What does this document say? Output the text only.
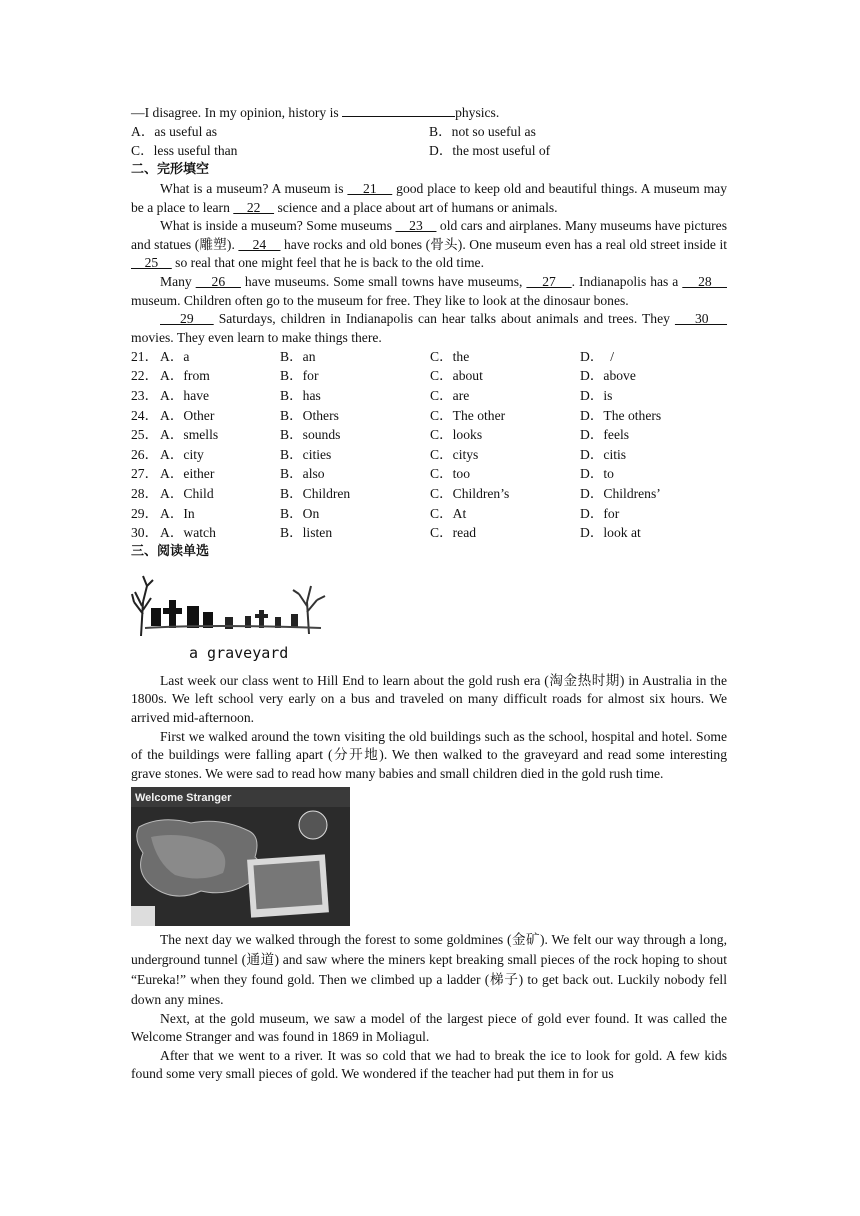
—I disagree. In my opinion, history is	physics.
A．as useful as	B．not so useful as
C．less useful than	D．the most useful of
二、完形填空
What is a museum? A museum is     21     good place to keep old and beautiful things. A museum may be a place to learn     22     science and a place about art of humans or animals.
What is inside a museum? Some museums     23     old cars and airplanes. Many museums have pictures and statues (雕塑).     24     have rocks and old bones (骨头). One museum even has a real old street inside it     25     so real that one might feel that he is back to the old time.
Many     26     have museums. Some small towns have museums,     27    . Indianapolis has a     28     museum. Children often go to the museum for free. They like to look at the dinosaur bones.
29     Saturdays, children in Indianapolis can hear talks about animals and trees. They     30     movies. They even learn to make things there.
21． A．a	B．an	C．the	D．  /
22． A．from	B．for	C．about	D．above
23． A．have	B．has	C．are	D．is
24． A．Other	B．Others	C．The other	D．The others
25． A．smells	B．sounds	C．looks	D．feels
26． A．city	B．cities	C．citys	D．citis
27． A．either	B．also	C．too	D．to
28． A．Child	B．Children	C．Children’s	D．Childrens’
29． A．In	B．On	C．At	D．for
30． A．watch	B．listen	C．read	D．look at
三、阅读单选
a graveyard
Last week our class went to Hill End to learn about the gold rush era (淘金热时期) in Australia in the 1800s. We left school very early on a bus and traveled on many difficult roads for almost six hours. We arrived mid-afternoon.
First we walked around the town visiting the old buildings such as the school, hospital and hotel. Some of the buildings were falling apart (分开地). We then walked to the graveyard and read some interesting grave stones. We were sad to read how many babies and small children died in the gold rush time.
Welcome Stranger
The next day we walked through the forest to some goldmines (金矿). We felt our way through a long, underground tunnel (通道) and saw where the miners kept breaking small pieces of the rock hoping to shout “Eureka!” when they found gold. Then we climbed up a ladder (梯子) to get back out. Luckily nobody fell down any mines.
Next, at the gold museum, we saw a model of the largest piece of gold ever found. It was called the Welcome Stranger and was found in 1869 in Moliagul.
After that we went to a river. It was so cold that we had to break the ice to look for gold. A few kids found some very small pieces of gold. We wondered if the teacher had put them in for us
